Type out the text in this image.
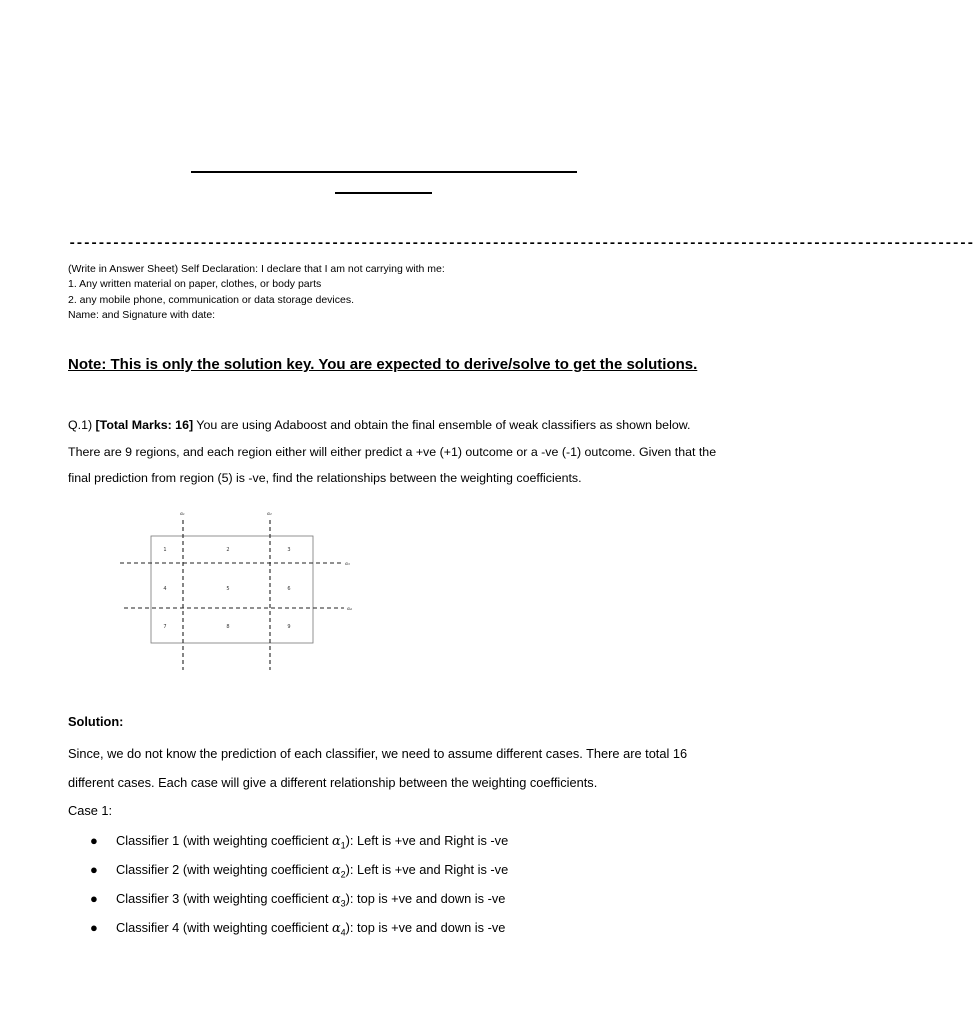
----------------------------------------------------------------------------------------------------------------------------
(Write in Answer Sheet) Self Declaration: I declare that I am not carrying with me:
1. Any written material on paper, clothes, or body parts
2. any mobile phone, communication or data storage devices.
Name: and Signature with date:
Note: This is only the solution key. You are expected to derive/solve to get the solutions.
Q.1) [Total Marks: 16] You are using Adaboost and obtain the final ensemble of weak classifiers as shown below. There are 9 regions, and each region either will either predict a +ve (+1) outcome or a -ve (-1) outcome. Given that the final prediction from region (5) is -ve, find the relationships between the weighting coefficients.
1	2	3
4	5	6
7	8	9
α₁	α₂
α₃
α₄
Solution:
Since, we do not know the prediction of each classifier, we need to assume different cases. There are total 16 different cases. Each case will give a different relationship between the weighting coefficients.
Case 1:
● Classifier 1 (with weighting coefficient $\alpha_1$): Left is +ve and Right is -ve
● Classifier 2 (with weighting coefficient $\alpha_2$): Left is +ve and Right is -ve
● Classifier 3 (with weighting coefficient $\alpha_3$): top is +ve and down is -ve
● Classifier 4 (with weighting coefficient $\alpha_4$): top is +ve and down is -ve
